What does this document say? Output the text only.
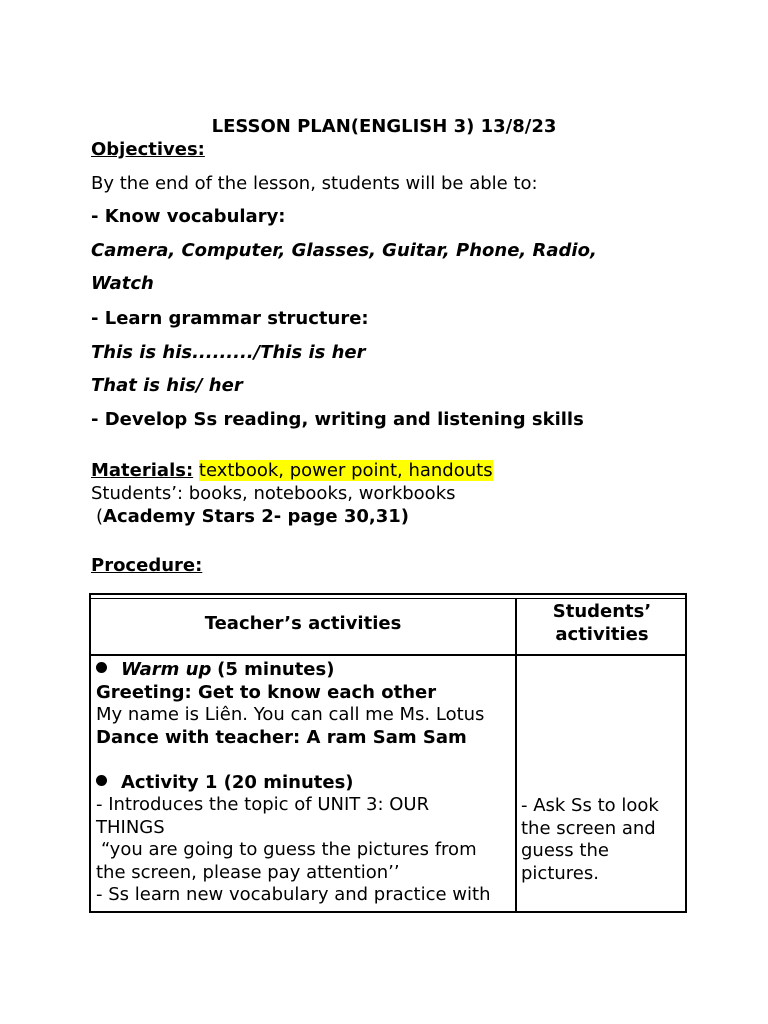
LESSON PLAN(ENGLISH 3) 13/8/23
Objectives:
By the end of the lesson, students will be able to:
- Know vocabulary:
Camera, Computer, Glasses, Guitar, Phone, Radio,
Watch
- Learn grammar structure:
This is his........./This is her
That is his/ her
- Develop Ss reading, writing and listening skills
Materials: textbook, power point, handouts
Students’: books, notebooks, workbooks
(Academy Stars 2- page 30,31)
Procedure:
Teacher’s activities
Students’
activities
Warm up (5 minutes)
Greeting: Get to know each other
My name is Liên. You can call me Ms. Lotus
Dance with teacher: A ram Sam Sam
Activity 1 (20 minutes)
- Introduces the topic of UNIT 3: OUR
THINGS
“you are going to guess the pictures from
the screen, please pay attention’’
- Ss learn new vocabulary and practice with
- Ask Ss to look
the screen and
guess the
pictures.
